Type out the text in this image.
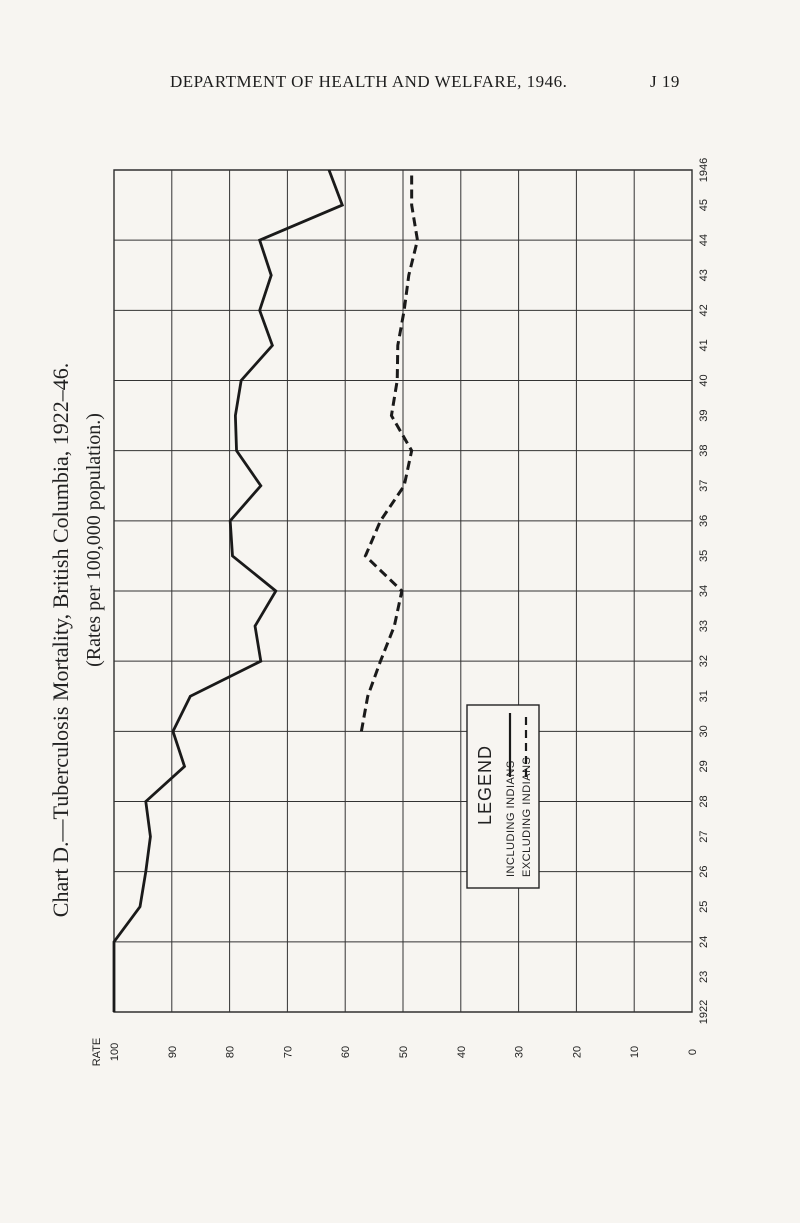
DEPARTMENT OF HEALTH AND WELFARE, 1946.	J 19
Chart D.—Tuberculosis Mortality, British Columbia, 1922–46. (Rates per 100,000 population.)
100	90	80	70	60	50	40	30	20	10	0
RATE
1922
23
24
25
26
27
28
29
30
31
32
33
34
35
36
37
38
39
40
41
42
43
44
45
1946
LEGEND INCLUDING INDIANS EXCLUDING INDIANS
